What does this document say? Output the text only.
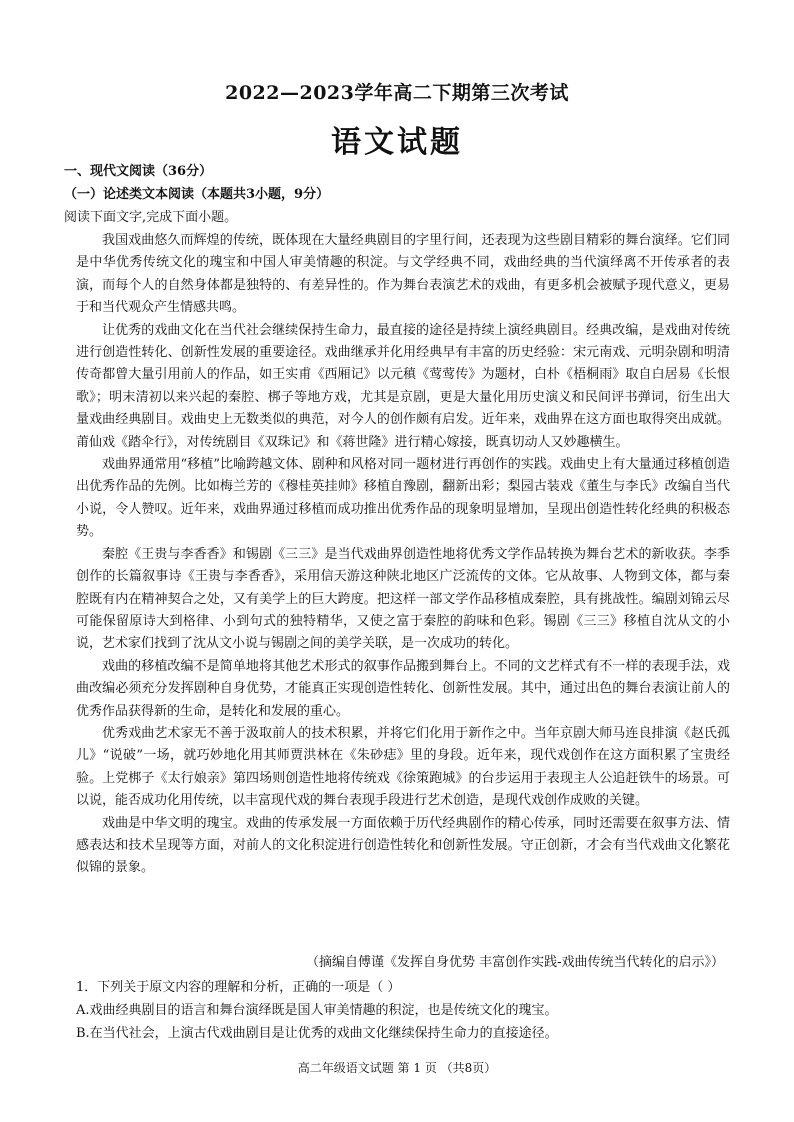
2022—2023学年高二下期第三次考试
语文试题
一、现代文阅读（36分）
（一）论述类文本阅读（本题共3小题，9分）
阅读下面文字,完成下面小题。

我国戏曲悠久而辉煌的传统，既体现在大量经典剧目的字里行间，还表现为这些剧目精彩的舞台演绎。它们同是中华优秀传统文化的瑰宝和中国人审美情趣的积淀。与文学经典不同，戏曲经典的当代演绎离不开传承者的表演，而每个人的自然身体都是独特的、有差异性的。作为舞台表演艺术的戏曲，有更多机会被赋予现代意义，更易于和当代观众产生情感共鸣。

让优秀的戏曲文化在当代社会继续保持生命力，最直接的途径是持续上演经典剧目。经典改编，是戏曲对传统进行创造性转化、创新性发展的重要途径。戏曲继承并化用经典早有丰富的历史经验：宋元南戏、元明杂剧和明清传奇都曾大量引用前人的作品，如王实甫《西厢记》以元稹《莺莺传》为题材，白朴《梧桐雨》取自白居易《长恨歌》；明末清初以来兴起的秦腔、梆子等地方戏，尤其是京剧，更是大量化用历史演义和民间评书弹词，衍生出大量戏曲经典剧目。戏曲史上无数类似的典范，对今人的创作颇有启发。近年来，戏曲界在这方面也取得突出成就。莆仙戏《踏伞行》，对传统剧目《双珠记》和《蒋世隆》进行精心嫁接，既真切动人又妙趣横生。

戏曲界通常用“移植”比喻跨越文体、剧种和风格对同一题材进行再创作的实践。戏曲史上有大量通过移植创造出优秀作品的先例。比如梅兰芳的《穆桂英挂帅》移植自豫剧，翻新出彩；梨园古装戏《董生与李氏》改编自当代小说，令人赞叹。近年来，戏曲界通过移植而成功推出优秀作品的现象明显增加，呈现出创造性转化经典的积极态势。

秦腔《王贵与李香香》和锡剧《三三》是当代戏曲界创造性地将优秀文学作品转换为舞台艺术的新收获。李季创作的长篇叙事诗《王贵与李香香》，采用信天游这种陕北地区广泛流传的文体。它从故事、人物到文体，都与秦腔既有内在精神契合之处，又有美学上的巨大跨度。把这样一部文学作品移植成秦腔，具有挑战性。编剧刘锦云尽可能保留原诗大到格律、小到句式的独特精华，又使之富于秦腔的韵味和色彩。锡剧《三三》移植自沈从文的小说，艺术家们找到了沈从文小说与锡剧之间的美学关联，是一次成功的转化。

戏曲的移植改编不是简单地将其他艺术形式的叙事作品搬到舞台上。不同的文艺样式有不一样的表现手法，戏曲改编必须充分发挥剧种自身优势，才能真正实现创造性转化、创新性发展。其中，通过出色的舞台表演让前人的优秀作品获得新的生命，是转化和发展的重心。

优秀戏曲艺术家无不善于汲取前人的技术积累，并将它们化用于新作之中。当年京剧大师马连良排演《赵氏孤儿》“说破”一场，就巧妙地化用其师贾洪林在《朱砂痣》里的身段。近年来，现代戏创作在这方面积累了宝贵经验。上党梆子《太行娘亲》第四场则创造性地将传统戏《徐策跑城》的台步运用于表现主人公追赶铁牛的场景。可以说，能否成功化用传统，以丰富现代戏的舞台表现手段进行艺术创造，是现代戏创作成败的关键。

戏曲是中华文明的瑰宝。戏曲的传承发展一方面依赖于历代经典剧作的精心传承，同时还需要在叙事方法、情感表达和技术呈现等方面，对前人的文化积淀进行创造性转化和创新性发展。守正创新，才会有当代戏曲文化繁花似锦的景象。

（摘编自傅谨《发挥自身优势 丰富创作实践-戏曲传统当代转化的启示》）
1．下列关于原文内容的理解和分析，正确的一项是（ ）
A.戏曲经典剧目的语言和舞台演绎既是国人审美情趣的积淀，也是传统文化的瑰宝。
B.在当代社会，上演古代戏曲剧目是让优秀的戏曲文化继续保持生命力的直接途径。
高二年级语文试题 第 1 页 （共8页）
